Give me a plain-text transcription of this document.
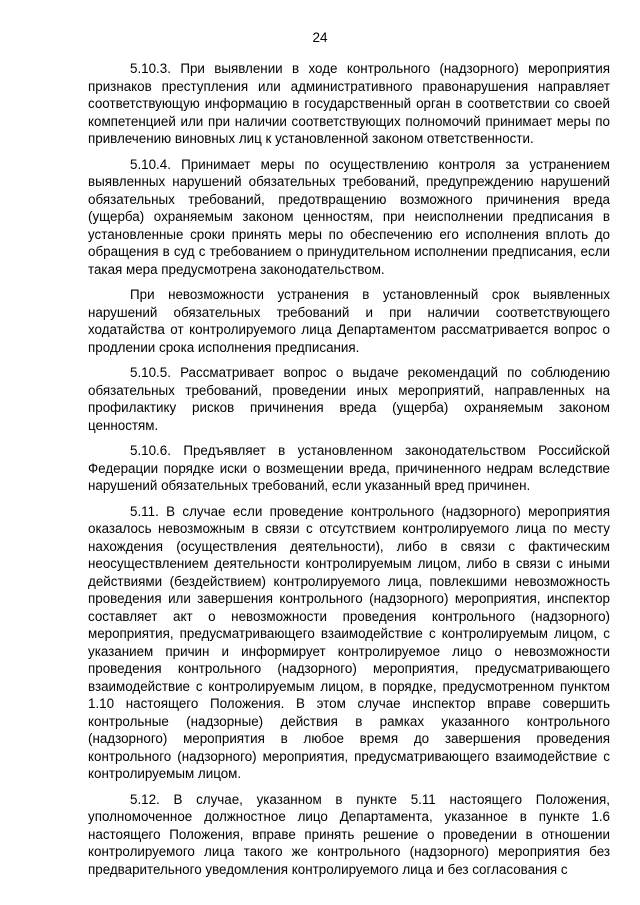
24

5.10.3. При выявлении в ходе контрольного (надзорного) мероприятия признаков преступления или административного правонарушения направляет соответствующую информацию в государственный орган в соответствии со своей компетенцией или при наличии соответствующих полномочий принимает меры по привлечению виновных лиц к установленной законом ответственности.

5.10.4. Принимает меры по осуществлению контроля за устранением выявленных нарушений обязательных требований, предупреждению нарушений обязательных требований, предотвращению возможного причинения вреда (ущерба) охраняемым законом ценностям, при неисполнении предписания в установленные сроки принять меры по обеспечению его исполнения вплоть до обращения в суд с требованием о принудительном исполнении предписания, если такая мера предусмотрена законодательством.

При невозможности устранения в установленный срок выявленных нарушений обязательных требований и при наличии соответствующего ходатайства от контролируемого лица Департаментом рассматривается вопрос о продлении срока исполнения предписания.

5.10.5. Рассматривает вопрос о выдаче рекомендаций по соблюдению обязательных требований, проведении иных мероприятий, направленных на профилактику рисков причинения вреда (ущерба) охраняемым законом ценностям.

5.10.6. Предъявляет в установленном законодательством Российской Федерации порядке иски о возмещении вреда, причиненного недрам вследствие нарушений обязательных требований, если указанный вред причинен.

5.11. В случае если проведение контрольного (надзорного) мероприятия оказалось невозможным в связи с отсутствием контролируемого лица по месту нахождения (осуществления деятельности), либо в связи с фактическим неосуществлением деятельности контролируемым лицом, либо в связи с иными действиями (бездействием) контролируемого лица, повлекшими невозможность проведения или завершения контрольного (надзорного) мероприятия, инспектор составляет акт о невозможности проведения контрольного (надзорного) мероприятия, предусматривающего взаимодействие с контролируемым лицом, с указанием причин и информирует контролируемое лицо о невозможности проведения контрольного (надзорного) мероприятия, предусматривающего взаимодействие с контролируемым лицом, в порядке, предусмотренном пунктом 1.10 настоящего Положения. В этом случае инспектор вправе совершить контрольные (надзорные) действия в рамках указанного контрольного (надзорного) мероприятия в любое время до завершения проведения контрольного (надзорного) мероприятия, предусматривающего взаимодействие с контролируемым лицом.

5.12. В случае, указанном в пункте 5.11 настоящего Положения, уполномоченное должностное лицо Департамента, указанное в пункте 1.6 настоящего Положения, вправе принять решение о проведении в отношении контролируемого лица такого же контрольного (надзорного) мероприятия без предварительного уведомления контролируемого лица и без согласования с
